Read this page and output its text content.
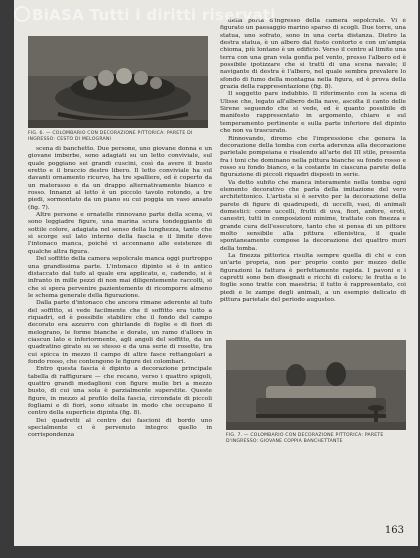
FIG. 6. — COLOMBARIO CON DECORAZIONE PITTORICA: PARETE DI INGRESSO: CESTO DI MELOGRANI

scena di banchetto. Due persone, uno giovane donna e un giovane imberbe, sono adagiati su un letto conviviale, sul quale poggiano sei grandi cuscini, così da avere il busto eretto e il braccio destro libero. Il letto conviviale ha sul davanti ornamento ricurvo, ha tre spalliere, ed è coperto da un materasso e da un drappo alternativamente bianco e rosso. Innanzi al letto è un piccolo tavolo rotondo, a tre piedi, sormontato da un piano su cui poggia un vaso ansato (fig. 7).

Altre persone e ornatelle rinnovano parte della scena, vi sono leggiadre figure, una marina scura tondeggiante di sottile colore, adagiata nel senso della lunghezza, tanto che si scorge sul lato interno della fascia e il limite dove l'intonaco manca, poiché vi accennano alle esistenze di qualche altra figura.

Del soffitto della camera sepolcrale manca oggi purtroppo una grandissima parte. L'intonaco dipinto si è in antico distaccato dal tufo al quale era applicato, e, cadendo, si è infranto in mille pezzi di non mai diligentemente raccolti, si che si spera pervenire pazientemente di ricomporre almeno le schema generale della figurazione.

Dalla parte d'intonaco che ancora rimane aderente al tufo del soffitto, si vede facilmente che il soffitto era tutto a riquadri, ed è possibile stabilire che il fondo del campo decorato era azzurro con ghirlande di foglie e di fiori di melograno, le forme bianche e dorate, un ramo d'alloro in ciascun lato e inferiormente, agli angoli del soffitto, da un quadratino girato su se stesso e da una serie di rosette, tra cui spicca in mezzo il campo di altre fasce rettangolari a fondo rosso, che contengono le figure dei colombari.

Entro questa fascia è dipinto a decorazione principale tabella di raffigurare — che recano, verso i quattro spigoli, quattro grandi medaglioni con figure mulie bri a mezzo busto, di cui una sola è parzialmente superstite. Queste figure, in mezzo al profilo della fascia, circondate di piccoli fogliami e di fiori, sono situate in modo che occupano il centro della superficie dipinta (fig. 8).

Dei quadretti al centro dei fascioni di bordo uno specialmente ci è pervenuto integro: quello in corrispondenza

della porta d'ingresso della camera sepolcrale. Vi è figurato un paesaggio marino sparso di scogli. Due torre, una statua, uno sofrato, sono in una certa distanza. Dietro la destra statua, è un albero dal fusto contorto e con un'ampia chioma, più lontano è un edificio. Verso il centro al limite una terra con una gran vela gonfia pel vento, presso l'albero ed è possibile ipotizzare che si tratti di una scena navale; il navigante di destra è l'albero, nel quale sembra prevalere lo sfondo di fumo della montagna nella figura, ed è prova della grazia della rappresentazione (fig. 8).

Il soggetto pare indubbio. Il riferimento con la scena di Ulisse che, legato all'albero della nave, ascolta il canto delle Sirene seguendo che si vede, ed è quanto possibile di manifesto rappresentato in argomento, chiaro e sul temperamento pertinente e sulla parte inferiore del dipinto che non va trascurato.

Rinnovando, diremo che l'impressione che genera la decorazione della tomba con certa aderenza alla decorazione parietale pompeiana e risalendo all'arte del III stile, presenta fra i toni che dominano nella pittura bianche su fondo rosso e rosso su fondo bianco, e la costante in ciascuna parete della figurazione di piccoli riquadri disposti in serie.

Va detto subito che manca interamente nella tomba ogni elemento decorativo che parla della imitazione del vero architettonico. L'artista si è servito per la decorazione della parete di figure di quadrupedi, di uccelli, vasi, di animali domestici: come uccelli, frutti di uva, fiori, anfore, eroti, canestri, tutti in composizioni minime, trattate con finezza e grande cura dell'esecutore, tanto che si pensa di un pittore molto sensibile alla pittura ellenistica, il quale spontaneamente compose la decorazione dei quattro muri della tomba.

La finezza pittorica risulta sempre quella di chi e con un'arte propria, non per proprio conto per mezzo delle figurazioni la fattura è perfettamente rapida. I pavoni e i capretti sono ben disegnati e ricchi di colore; le frutta e le foglie sono tratte con maestria; il tutto è rappresentato, coi piedi e le zampe degli animali, a un esempio delicato di pittura parietale del periodo augusteo.

FIG. 7. — COLOMBARIO CON DECORAZIONE PITTORICA: PARETE D'INGRESSO: GIOVANE COPPIA BANCHETTANTE
163
BiASA Tutti i diritti riservati
